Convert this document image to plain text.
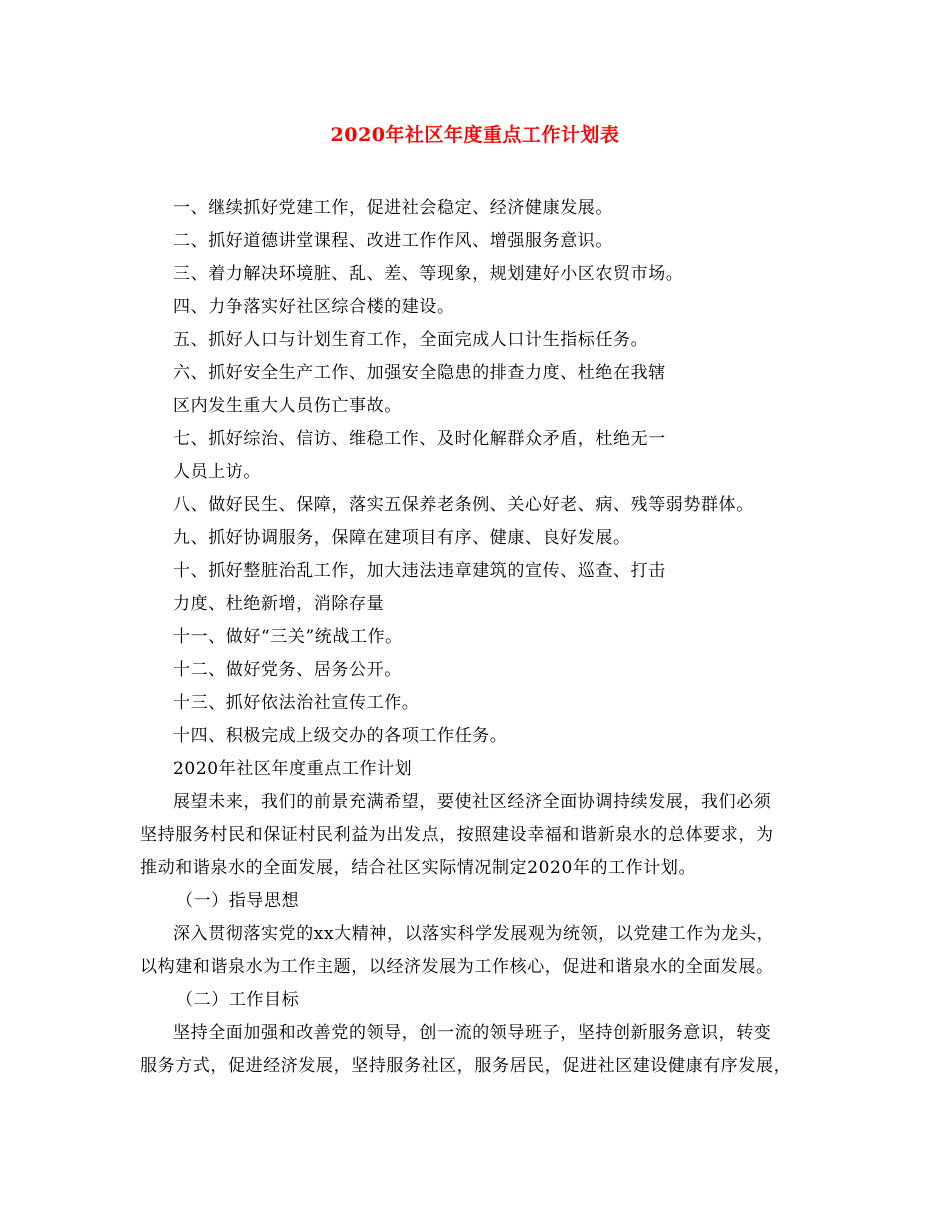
2020年社区年度重点工作计划表
一、继续抓好党建工作，促进社会稳定、经济健康发展。
二、抓好道德讲堂课程、改进工作作风、增强服务意识。
三、着力解决环境脏、乱、差、等现象，规划建好小区农贸市场。
四、力争落实好社区综合楼的建设。
五、抓好人口与计划生育工作，全面完成人口计生指标任务。
六、抓好安全生产工作、加强安全隐患的排查力度、杜绝在我辖
区内发生重大人员伤亡事故。
七、抓好综治、信访、维稳工作、及时化解群众矛盾，杜绝无一
人员上访。
八、做好民生、保障，落实五保养老条例、关心好老、病、残等弱势群体。
九、抓好协调服务，保障在建项目有序、健康、良好发展。
十、抓好整脏治乱工作，加大违法违章建筑的宣传、巡查、打击
力度、杜绝新增，消除存量
十一、做好“三关”统战工作。
十二、做好党务、居务公开。
十三、抓好依法治社宣传工作。
十四、积极完成上级交办的各项工作任务。
2020年社区年度重点工作计划
展望未来，我们的前景充满希望，要使社区经济全面协调持续发展，我们必须
坚持服务村民和保证村民利益为出发点，按照建设幸福和谐新泉水的总体要求，为
推动和谐泉水的全面发展，结合社区实际情况制定2020年的工作计划。
（一）指导思想
深入贯彻落实党的xx大精神，以落实科学发展观为统领，以党建工作为龙头，
以构建和谐泉水为工作主题，以经济发展为工作核心，促进和谐泉水的全面发展。
（二）工作目标
坚持全面加强和改善党的领导，创一流的领导班子，坚持创新服务意识，转变
服务方式，促进经济发展，坚持服务社区，服务居民，促进社区建设健康有序发展，
